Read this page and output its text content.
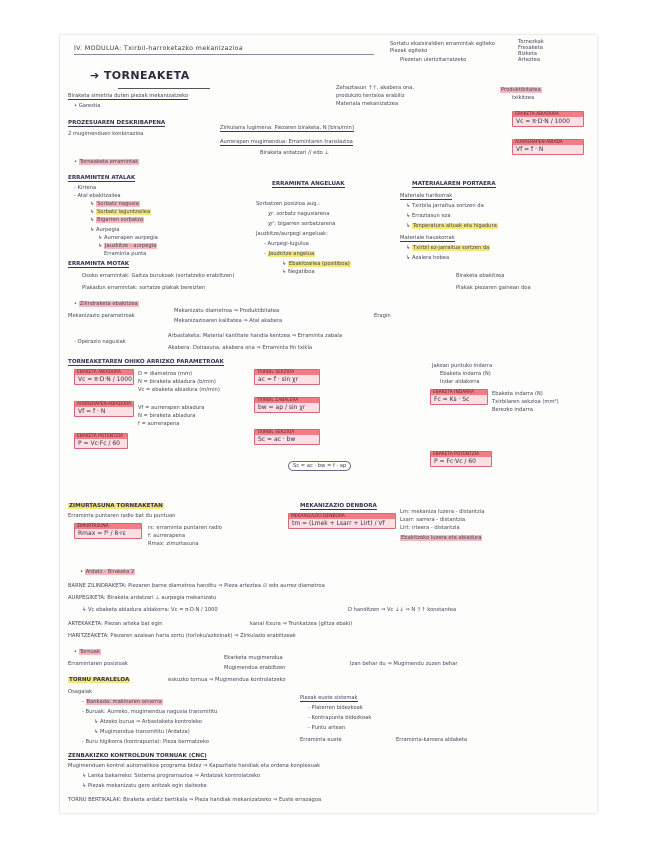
IV. MODULUA: Txirbil-harroketazko mekanizazioa	Sortatu ekalxiraldien erramintak egiteko
Piezak egiteko
Piezetan ulertzitarratzeko
Tornezkak
Fresaketa
Bizketa
Arteztea
➔ TORNEAKETA
Biraketa simetria duten piezak mekanizatzeko
• Garestia
Zehaztasun ↑↑, akabera ona,
produkzio tentsioa erabiliz
Materiala mekanizatzea
Produktibitatea
txikitzea
PROZESUAREN DESKRIBAPENA
2 mugimenduen konbinazioa
Zirkularra lugimena: Piezaren biraketa, N [bira/min]
Aurrerapen mugimendua: Erramintaren translazioa
Biraketa ardatzari // edo ⊥
• Torneaketa erramintak
ERAKETA-ABIADURA
Vc = π·D·N / 1000
AURRERAPEN-ABIADA
Vf = f · N
ERRAMINTEN ATALAK
- Kirtena
- Atal ebakitzailea
↳ Sorbatz nagusia
↳ Sorbatz laguntzailea
↳ Bigarren sorbatza
↳ Aurpegia
↳ Aurrerapen aurpegia
↳ Jauzkitze - aurpegia
Erraminta punta
ERRAMINTA ANGELUAK
Sorbatzen posizioa aug.:
χr: sorbatz nagusiarena
χr': bigarren sorbatzarena
Jauzkitze/aurpegi angeluak:
- Aurpegi-lugulua
- Jauzkitze angelua
↳ Ebakitzailea (positiboa)
↳ Negatiboa
MATERIALAREN PORTAERA
Materiale harikorrak
↳ Txirbila jarraitua sortzen da
↳ Erraztasun eza
↳ Tenperatura altuak eta higadura
Materiale hauskorrak
↳ Txirbil ez-jarraitua sortzen da
↳ Azalera hobea
ERRAMINTA MOTAK
Osoko erramintak: Gaitza burukoak (sortatzeko erabiltzen)
Plakadun erramintak: sortatze plakak bereizten
Biraketa ebakitzea
Plakak piezaren gainean doa
• Zilindraketa ebakitzea
Mekanizazio parametroak
Mekanizatu diametroa ⇒ Produktibitatea
Mekanizazioaren kalitatea ⇒ Atal akabera
Eragin
- Operazio nagusiak
Arbastaketa: Material kantitate handia kentzea ⇒ Erraminta zabala
Akabera: Doitasuna, akabera ona ⇒ Erraminta fin txikia
TORNEAKETAREN OHIKO ARRIZKO PARAMETROAK
EBAKETA ABIADURA
Vc = π·D·N / 1000
D = diametroa (mm)
N = biraketa abiadura (b/min)
Vc = ebaketa abiadura (m/min)
AURRERAPEN-ABIADURA
Vf = f · N	Vf = aurrerapen abiadura
N = biraketa abiadura
f = aurrerapena
EBAKETA POTENTZIA
P = Vc·Fc / 60
TXIRBIL SEKZIOA
ac = f · sin χr
TXIRBIL ZABALERA
bw = ap / sin χr
TXIRBIL SEKZIOA
Sc = ac · bw
Sc = ac · bw = f · ap
Jakoan puntuko indarra
Ebaketa indarra (N)
Indar aldakorra
EBAKETA INDARRA
Fc = Ks · Sc
Ebaketa indarra (N)
Txirbilaren sekzioa (mm²)
Berezko indarra
EBAKETA POTENTZIA
P = Fc·Vc / 60
ZIMURTASUNA TORNEAKETAN
Erraminta puntaren radio bat du puntuan
ZIMURTASUNA
Rmax = f² / 8·rε
rε: erraminta puntaren radio
f: aurrerapena
Rmax: zimurtasuna
MEKANIZAZIO DENBORA
MEKANIZAZIO DENBORA
tm = (Lmek + Lsarr + Lirt) / Vf
Lm: mekaniza luzera - distantzia
Lsarr: sarrera - distantzia
Lirt: irteera - distantzia
Ebakitzeko luzera eta abiadura
• Ardatz - Biraketa 2
BARNE ZILINDRAKETA: Piezaren barne diametroa handitu ⇒ Pieza arteztea ∅ edo aurrez diametroa
AURPEGIKETA: Biraketa ardatzari ⊥ aurpegia mekanizatu
↳ Vc ebaketa abiadura aldakorra: Vc = π·D·N / 1000	D handitzen ⇒ Vc ↓↓ ⇒ N ↑↑ konstantea
ARTEKAKETA: Piezan arteka bat egin	kanal itxura ⇒ Trunkatzea (giltza ebaki)
HARITZEAKETA: Piezaren azalean haria sortu (torloku/azkoinak) ⇒ Zirkulazio erabiltzeak
• Tornuak
Erramintaren posizioak
Ekarketa mugimendua
Mugimendua erabiltzen
Izan behar du ⇒ Mugimendu zuzen behar
TORNU PARALELOA	eskuzko tornua ⇒ Mugimendua kontrolatzeko
Osagaiak
- Bankada: makinaren oinarria
- Buruak: Aurreko, mugimendua nagusia transmititu
↳ Atzeko burua ⇒ Arbastaketa kontroleko
↳ Mugimendua transmititu (Ardatza)
- Buru higikorra (kontrapunta): Pieza bermatzeko
Piezak euste sistemak
- Platerren bidezkoak
- Kontrapunta bidezkoak
- Puntu artean
Erraminta euste	Erraminta-kamera aldaketa
ZENBAKIZKO KONTROLDUN TORNUAK (CNC)
Mugimenduen kontrol automatikoa programa bidez ⇒ Kapazitate handiak eta ordena konplexuak
↳ Lanka bakarreko: Sistema programazioa ⇒ Ardatzak kontrolatzeko
↳ Piezak mekanizatu gero anitzak egin daitezke
TORNU BERTIKALAK: Biraketa ardatz bertikala ⇒ Pieza handiak mekanizatzeko ⇒ Euste errazagoa
